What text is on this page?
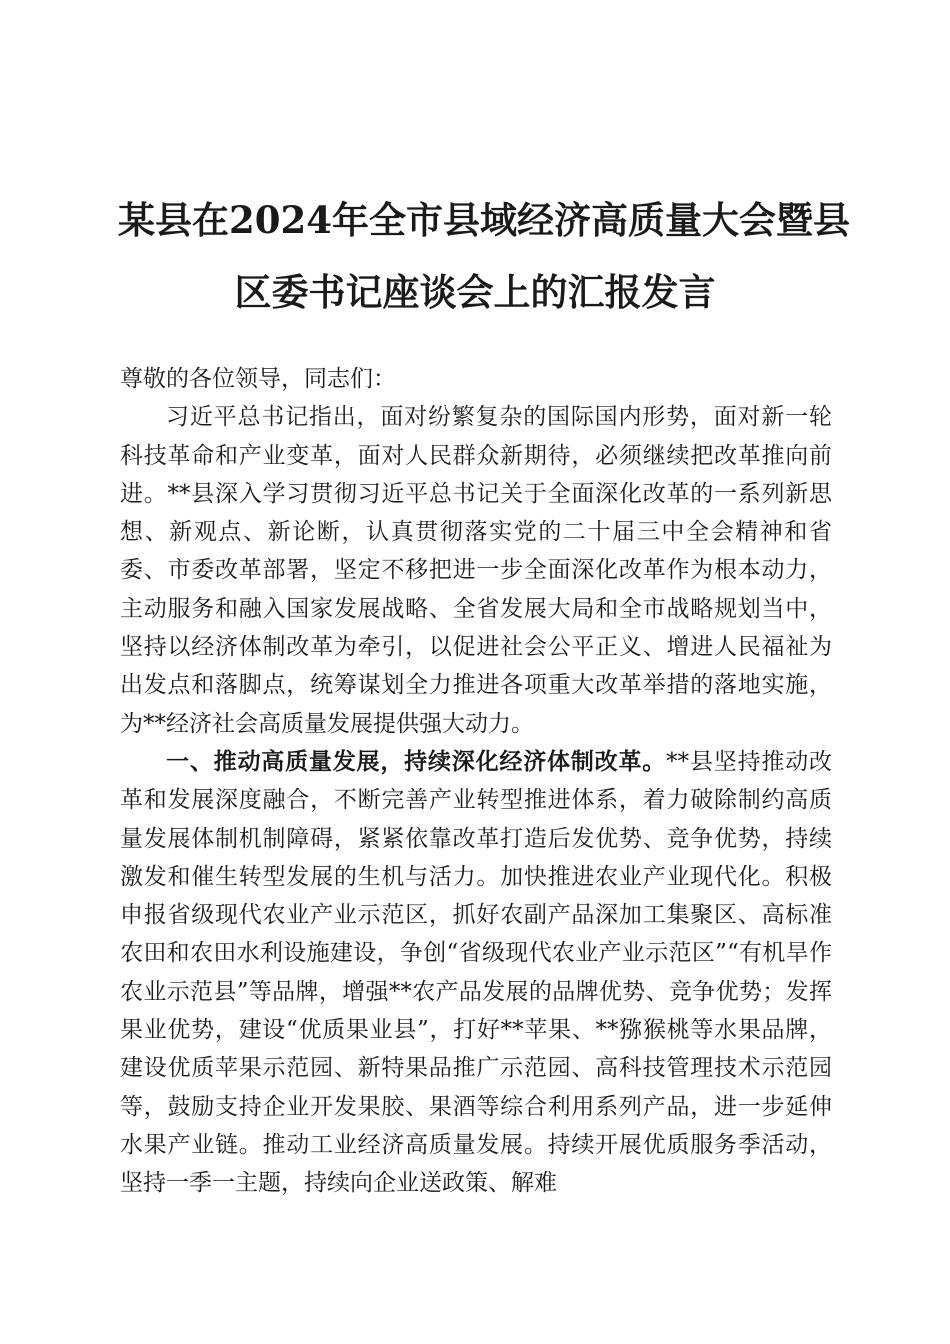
某县在2024年全市县域经济高质量大会暨县
区委书记座谈会上的汇报发言

尊敬的各位领导，同志们：

习近平总书记指出，面对纷繁复杂的国际国内形势，面对新一轮科技革命和产业变革，面对人民群众新期待，必须继续把改革推向前进。**县深入学习贯彻习近平总书记关于全面深化改革的一系列新思想、新观点、新论断，认真贯彻落实党的二十届三中全会精神和省委、市委改革部署，坚定不移把进一步全面深化改革作为根本动力，主动服务和融入国家发展战略、全省发展大局和全市战略规划当中，坚持以经济体制改革为牵引，以促进社会公平正义、增进人民福祉为出发点和落脚点，统筹谋划全力推进各项重大改革举措的落地实施，为**经济社会高质量发展提供强大动力。

一、推动高质量发展，持续深化经济体制改革。**县坚持推动改革和发展深度融合，不断完善产业转型推进体系，着力破除制约高质量发展体制机制障碍，紧紧依靠改革打造后发优势、竞争优势，持续激发和催生转型发展的生机与活力。加快推进农业产业现代化。积极申报省级现代农业产业示范区，抓好农副产品深加工集聚区、高标准农田和农田水利设施建设，争创“省级现代农业产业示范区”“有机旱作农业示范县”等品牌，增强**农产品发展的品牌优势、竞争优势；发挥果业优势，建设“优质果业县”，打好**苹果、**猕猴桃等水果品牌，建设优质苹果示范园、新特果品推广示范园、高科技管理技术示范园等，鼓励支持企业开发果胶、果酒等综合利用系列产品，进一步延伸水果产业链。推动工业经济高质量发展。持续开展优质服务季活动，坚持一季一主题，持续向企业送政策、解难
